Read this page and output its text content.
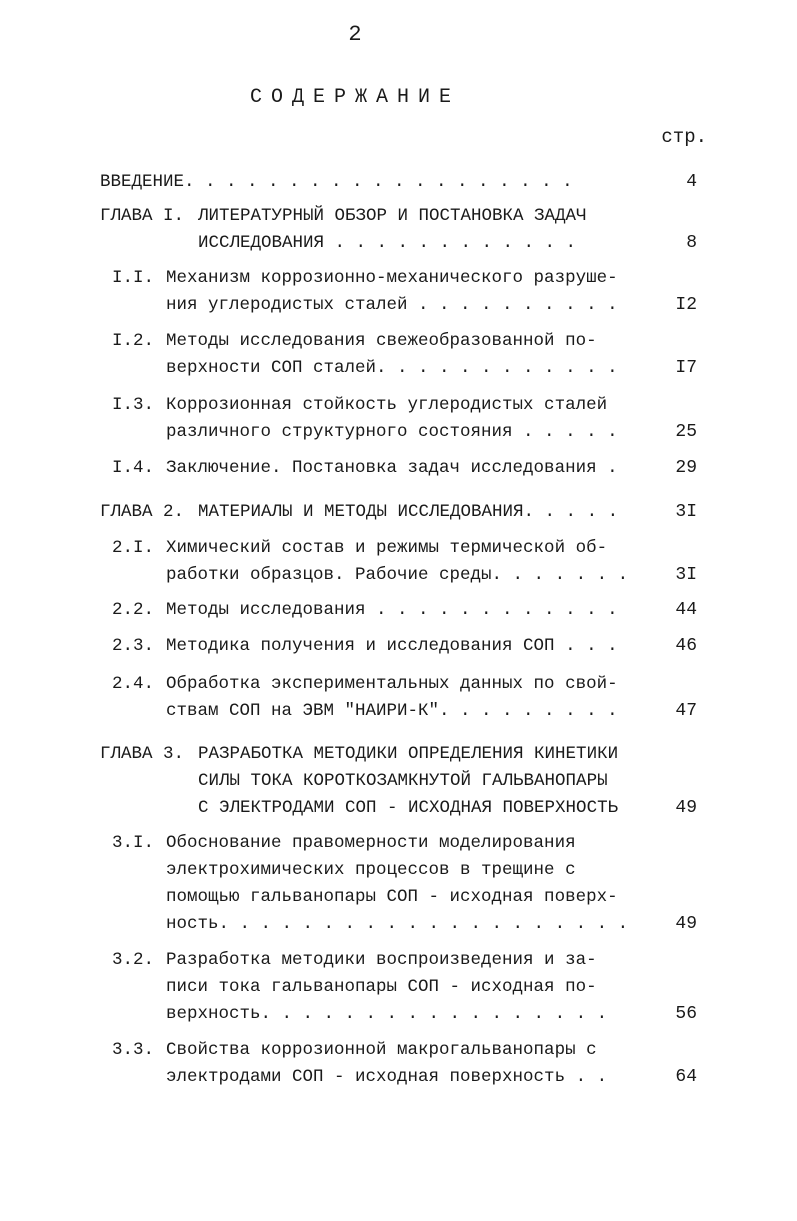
2
СОДЕРЖАНИЕ
стр.
ВВЕДЕНИЕ. . . . . . . . . . . . . . . . . . .	4
ГЛАВА I. ЛИТЕРАТУРНЫЙ ОБЗОР И ПОСТАНОВКА ЗАДАЧ
ИССЛЕДОВАНИЯ . . . . . . . . . . . .	8
I.I. Механизм коррозионно-механического разруше-
ния углеродистых сталей . . . . . . . . . .	I2
I.2. Методы исследования свежеобразованной по-
верхности СОП сталей. . . . . . . . . . . .	I7
I.3. Коррозионная стойкость углеродистых сталей
различного структурного состояния . . . . .	25
I.4. Заключение. Постановка задач исследования .	29
ГЛАВА 2. МАТЕРИАЛЫ И МЕТОДЫ ИССЛЕДОВАНИЯ. . . . .	3I
2.I. Химический состав и режимы термической об-
работки образцов. Рабочие среды. . . . . . .	3I
2.2. Методы исследования . . . . . . . . . . . .	44
2.3. Методика получения и исследования СОП . . .	46
2.4. Обработка экспериментальных данных по свой-
ствам СОП на ЭВМ "НАИРИ-К". . . . . . . . .	47
ГЛАВА 3. РАЗРАБОТКА МЕТОДИКИ ОПРЕДЕЛЕНИЯ КИНЕТИКИ
СИЛЫ ТОКА КОРОТКОЗАМКНУТОЙ ГАЛЬВАНОПАРЫ
С ЭЛЕКТРОДАМИ СОП - ИСХОДНАЯ ПОВЕРХНОСТЬ	49
3.I. Обоснование правомерности моделирования
электрохимических процессов в трещине с
помощью гальванопары СОП - исходная поверх-
ность. . . . . . . . . . . . . . . . . . . .	49
3.2. Разработка методики воспроизведения и за-
писи тока гальванопары СОП - исходная по-
верхность. . . . . . . . . . . . . . . . .	56
3.3. Свойства коррозионной макрогальванопары с
электродами СОП - исходная поверхность . .	64
